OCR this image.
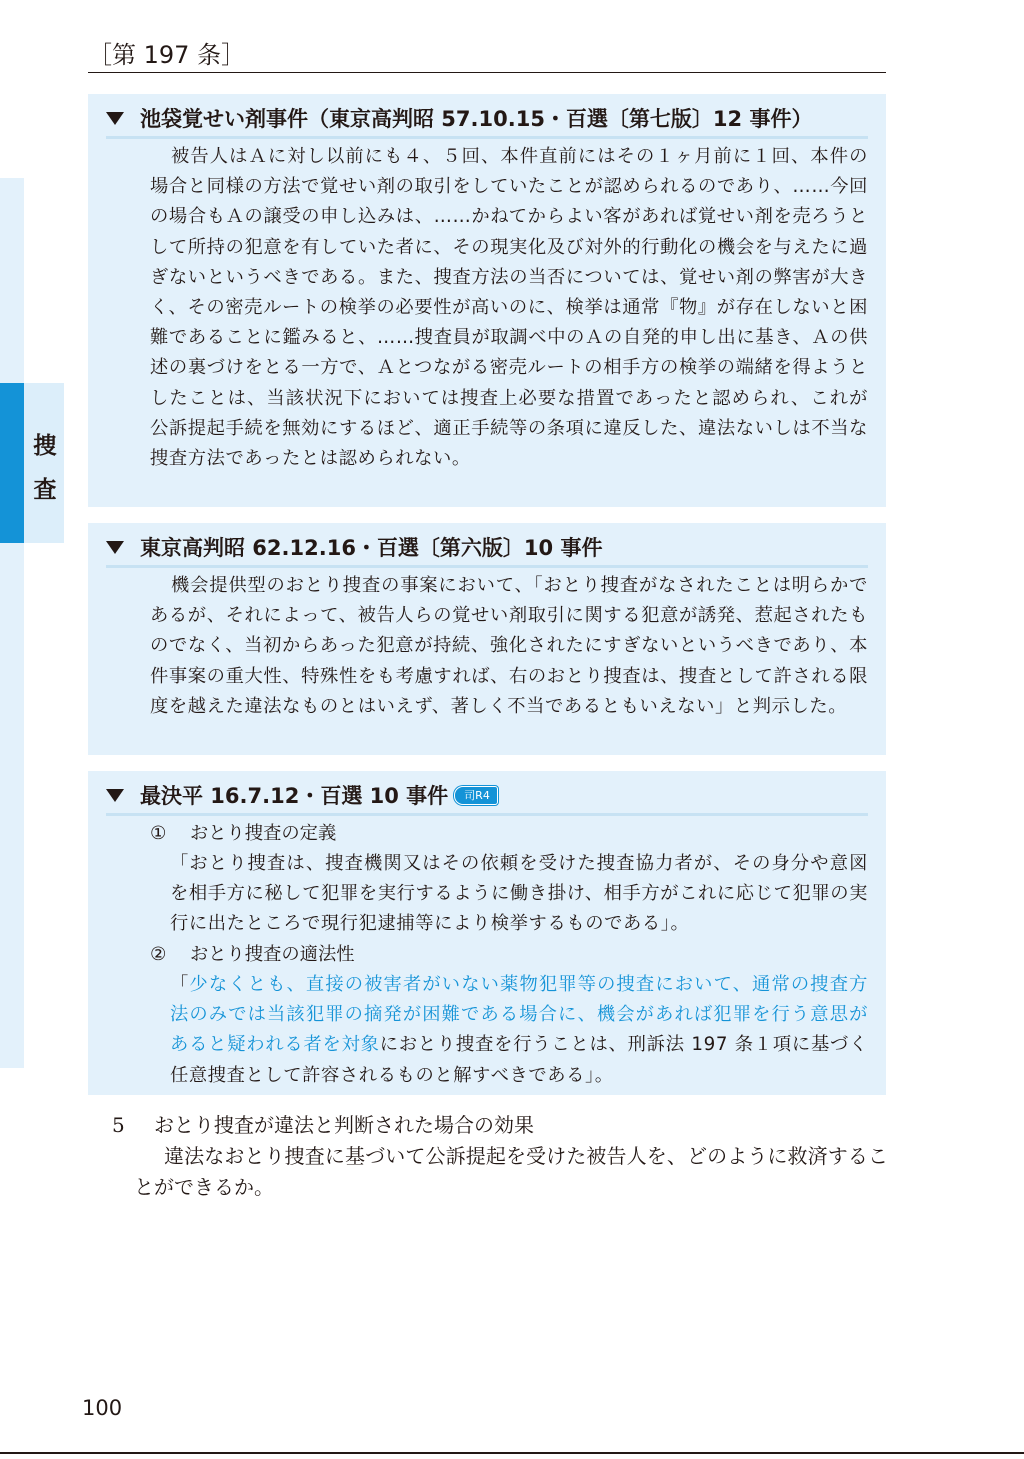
［第 197 条］
捜
査
池袋覚せい剤事件（東京高判昭 57.10.15・百選〔第七版〕12 事件）
被告人はＡに対し以前にも４、５回、本件直前にはその１ヶ月前に１回、本件の場合と同様の方法で覚せい剤の取引をしていたことが認められるのであり、……今回の場合もＡの譲受の申し込みは、……かねてからよい客があれば覚せい剤を売ろうとして所持の犯意を有していた者に、その現実化及び対外的行動化の機会を与えたに過ぎないというべきである。また、捜査方法の当否については、覚せい剤の弊害が大きく、その密売ルートの検挙の必要性が高いのに、検挙は通常『物』が存在しないと困難であることに鑑みると、……捜査員が取調べ中のＡの自発的申し出に基き、Ａの供述の裏づけをとる一方で、Ａとつながる密売ルートの相手方の検挙の端緒を得ようとしたことは、当該状況下においては捜査上必要な措置であったと認められ、これが公訴提起手続を無効にするほど、適正手続等の条項に違反した、違法ないしは不当な捜査方法であったとは認められない。
東京高判昭 62.12.16・百選〔第六版〕10 事件
機会提供型のおとり捜査の事案において、「おとり捜査がなされたことは明らかであるが、それによって、被告人らの覚せい剤取引に関する犯意が誘発、惹起されたものでなく、当初からあった犯意が持続、強化されたにすぎないというべきであり、本件事案の重大性、特殊性をも考慮すれば、右のおとり捜査は、捜査として許される限度を越えた違法なものとはいえず、著しく不当であるともいえない」と判示した。
最決平 16.7.12・百選 10 事件 司R4
① おとり捜査の定義
「おとり捜査は、捜査機関又はその依頼を受けた捜査協力者が、その身分や意図を相手方に秘して犯罪を実行するように働き掛け、相手方がこれに応じて犯罪の実行に出たところで現行犯逮捕等により検挙するものである」。
② おとり捜査の適法性
「少なくとも、直接の被害者がいない薬物犯罪等の捜査において、通常の捜査方法のみでは当該犯罪の摘発が困難である場合に、機会があれば犯罪を行う意思があると疑われる者を対象におとり捜査を行うことは、刑訴法 197 条１項に基づく任意捜査として許容されるものと解すべきである」。
5 おとり捜査が違法と判断された場合の効果
違法なおとり捜査に基づいて公訴提起を受けた被告人を、どのように救済することができるか。
100
